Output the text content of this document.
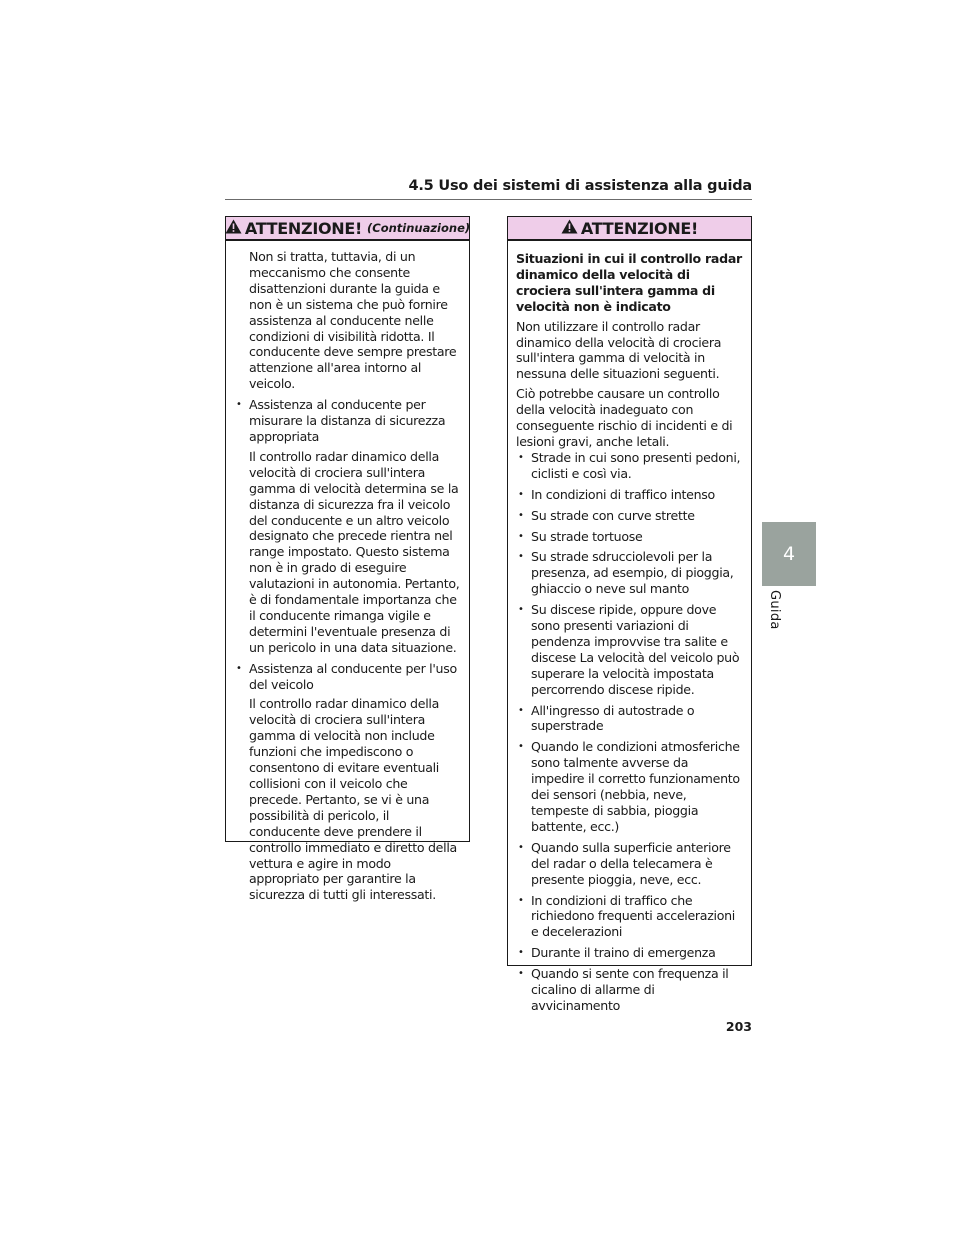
4.5 Uso dei sistemi di assistenza alla guida
4
Guida
ATTENZIONE! (Continuazione)
Non si tratta, tuttavia, di un meccanismo che consente disattenzioni durante la guida e non è un sistema che può fornire assistenza al conducente nelle condizioni di visibilità ridotta. Il conducente deve sempre prestare attenzione all'area intorno al veicolo.
• Assistenza al conducente per misurare la distanza di sicurezza appropriata
Il controllo radar dinamico della velocità di crociera sull'intera gamma di velocità determina se la distanza di sicurezza fra il veicolo del conducente e un altro veicolo designato che precede rientra nel range impostato. Questo sistema non è in grado di eseguire valutazioni in autonomia. Pertanto, è di fondamentale importanza che il conducente rimanga vigile e determini l'eventuale presenza di un pericolo in una data situazione.
• Assistenza al conducente per l'uso del veicolo
Il controllo radar dinamico della velocità di crociera sull'intera gamma di velocità non include funzioni che impediscono o consentono di evitare eventuali collisioni con il veicolo che precede. Pertanto, se vi è una possibilità di pericolo, il conducente deve prendere il controllo immediato e diretto della vettura e agire in modo appropriato per garantire la sicurezza di tutti gli interessati.
ATTENZIONE!
Situazioni in cui il controllo radar dinamico della velocità di crociera sull'intera gamma di velocità non è indicato
Non utilizzare il controllo radar dinamico della velocità di crociera sull'intera gamma di velocità in nessuna delle situazioni seguenti.
Ciò potrebbe causare un controllo della velocità inadeguato con conseguente rischio di incidenti e di lesioni gravi, anche letali.
• Strade in cui sono presenti pedoni, ciclisti e così via.
• In condizioni di traffico intenso
• Su strade con curve strette
• Su strade tortuose
• Su strade sdrucciolevoli per la presenza, ad esempio, di pioggia, ghiaccio o neve sul manto
• Su discese ripide, oppure dove sono presenti variazioni di pendenza improvvise tra salite e discese La velocità del veicolo può superare la velocità impostata percorrendo discese ripide.
• All'ingresso di autostrade o superstrade
• Quando le condizioni atmosferiche sono talmente avverse da impedire il corretto funzionamento dei sensori (nebbia, neve, tempeste di sabbia, pioggia battente, ecc.)
• Quando sulla superficie anteriore del radar o della telecamera è presente pioggia, neve, ecc.
• In condizioni di traffico che richiedono frequenti accelerazioni e decelerazioni
• Durante il traino di emergenza
• Quando si sente con frequenza il cicalino di allarme di avvicinamento
203
